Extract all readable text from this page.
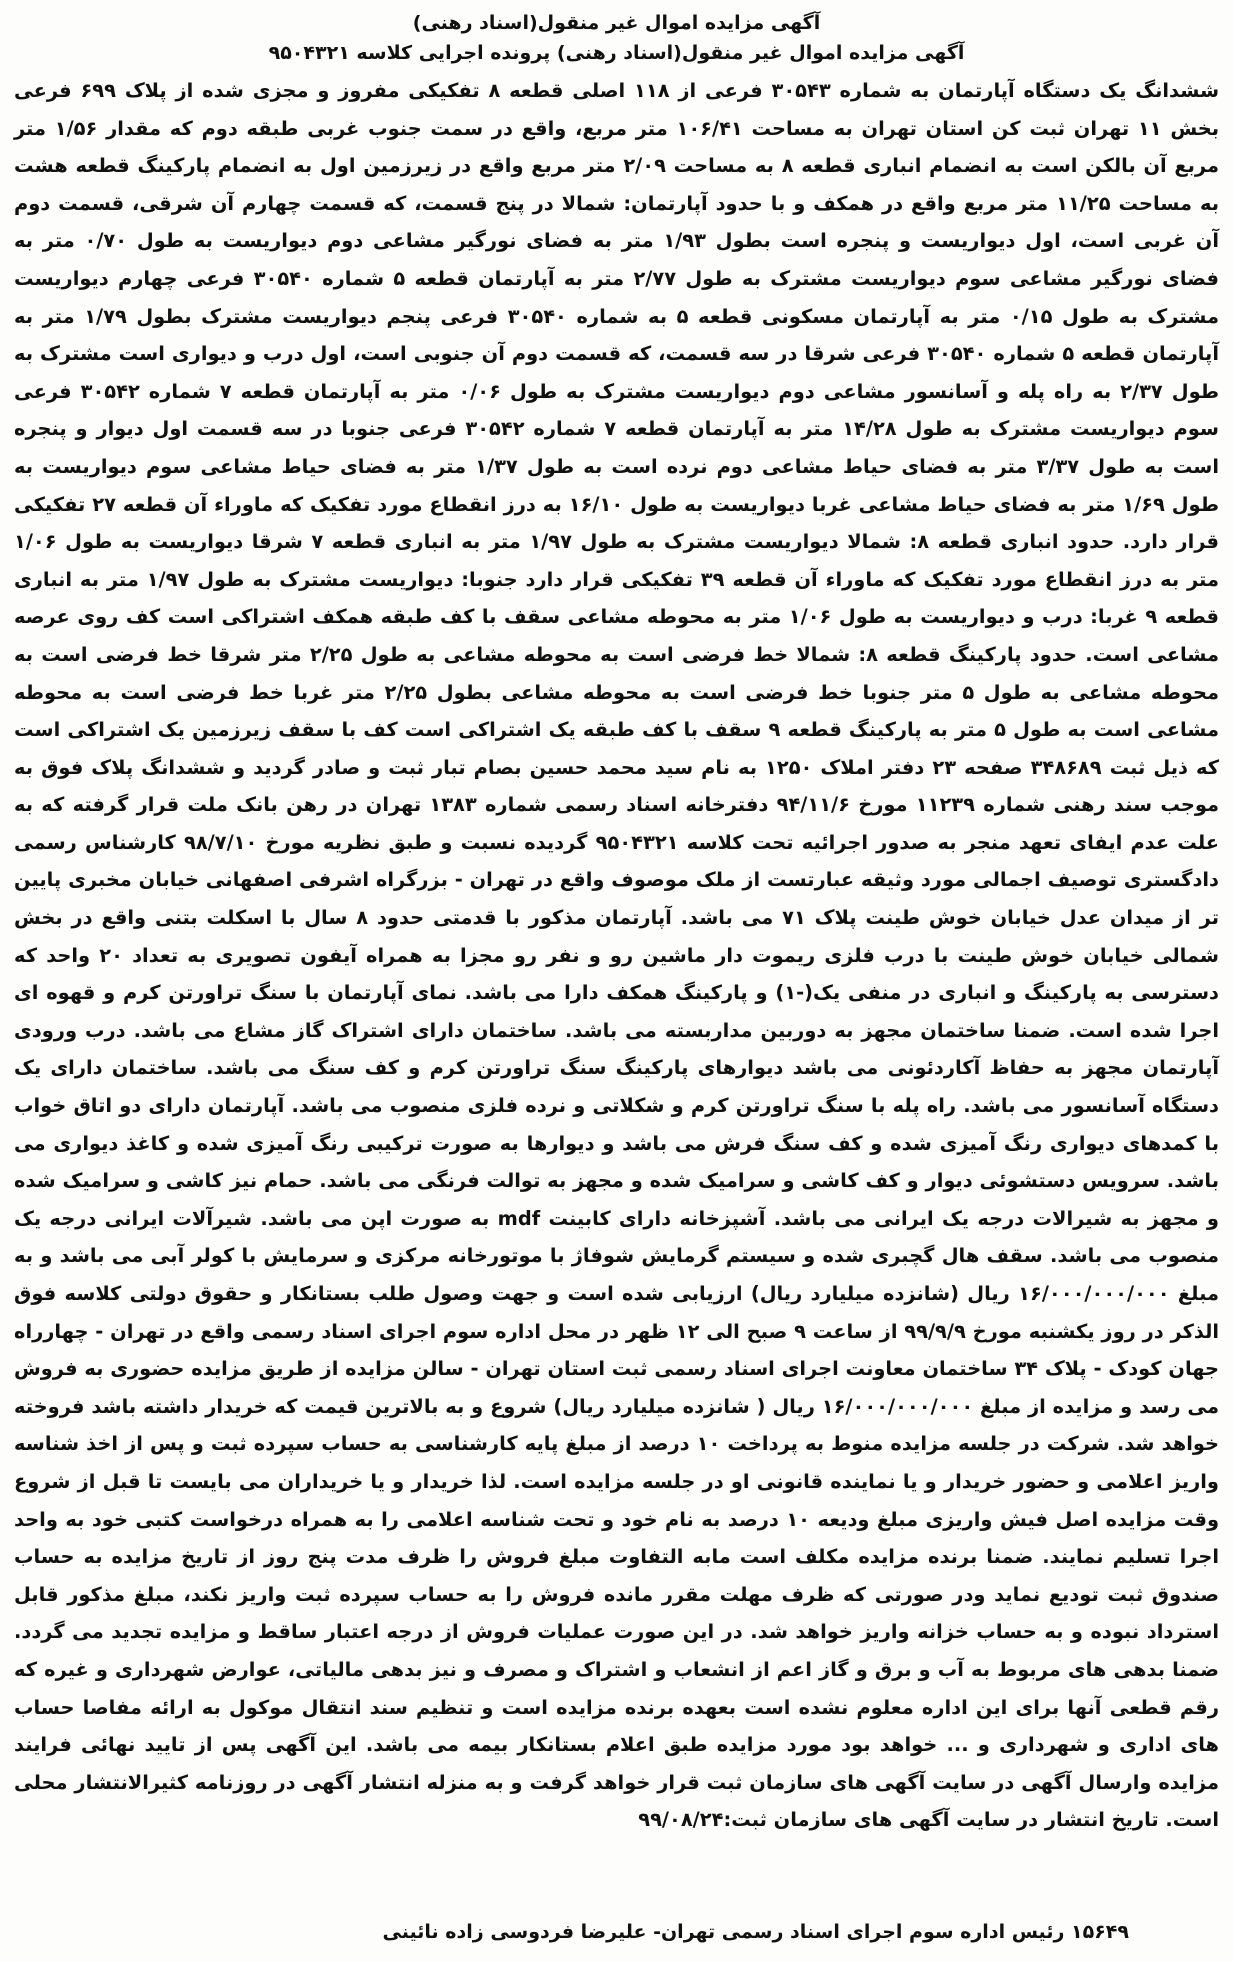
آگهی مزایده اموال غیر منقول(اسناد رهنی)
آگهی مزایده اموال غیر منقول(اسناد رهنی) پرونده اجرایی کلاسه ۹۵۰۴۳۲۱

ششدانگ یک دستگاه آپارتمان به شماره ۳۰۵۴۳ فرعی از ۱۱۸ اصلی قطعه ۸ تفکیکی مفروز و مجزی شده از پلاک ۶۹۹ فرعی بخش ۱۱ تهران ثبت کن استان تهران به مساحت ۱۰۶/۴۱ متر مربع، واقع در سمت جنوب غربی طبقه دوم که مقدار ۱/۵۶ متر مربع آن بالکن است به انضمام انباری قطعه ۸ به مساحت ۲/۰۹ متر مربع واقع در زیرزمین اول به انضمام پارکینگ قطعه هشت به مساحت ۱۱/۲۵ متر مربع واقع در همکف و با حدود آپارتمان: شمالا در پنج قسمت، که قسمت چهارم آن شرقی، قسمت دوم آن غربی است، اول دیواریست و پنجره است بطول ۱/۹۳ متر به فضای نورگیر مشاعی دوم دیواریست به طول ۰/۷۰ متر به فضای نورگیر مشاعی سوم دیواریست مشترک به طول ۲/۷۷ متر به آپارتمان قطعه ۵ شماره ۳۰۵۴۰ فرعی چهارم دیواریست مشترک به طول ۰/۱۵ متر به آپارتمان مسکونی قطعه ۵ به شماره ۳۰۵۴۰ فرعی پنجم دیواریست مشترک بطول ۱/۷۹ متر به آپارتمان قطعه ۵ شماره ۳۰۵۴۰ فرعی شرقا در سه قسمت، که قسمت دوم آن جنوبی است، اول درب و دیواری است مشترک به طول ۲/۳۷ به راه پله و آسانسور مشاعی دوم دیواریست مشترک به طول ۰/۰۶ متر به آپارتمان قطعه ۷ شماره ۳۰۵۴۲ فرعی سوم دیواریست مشترک به طول ۱۴/۲۸ متر به آپارتمان قطعه ۷ شماره ۳۰۵۴۲ فرعی جنوبا در سه قسمت اول دیوار و پنجره است به طول ۳/۳۷ متر به فضای حیاط مشاعی دوم نرده است به طول ۱/۳۷ متر به فضای حیاط مشاعی سوم دیواریست به طول ۱/۶۹ متر به فضای حیاط مشاعی غربا دیواریست به طول ۱۶/۱۰ به درز انقطاع مورد تفکیک که ماوراء آن قطعه ۲۷ تفکیکی قرار دارد. حدود انباری قطعه ۸: شمالا دیواریست مشترک به طول ۱/۹۷ متر به انباری قطعه ۷ شرقا دیواریست به طول ۱/۰۶ متر به درز انقطاع مورد تفکیک که ماوراء آن قطعه ۳۹ تفکیکی قرار دارد جنوبا: دیواریست مشترک به طول ۱/۹۷ متر به انباری قطعه ۹ غربا: درب و دیواریست به طول ۱/۰۶ متر به محوطه مشاعی سقف با کف طبقه همکف اشتراکی است کف روی عرصه مشاعی است. حدود پارکینگ قطعه ۸: شمالا خط فرضی است به محوطه مشاعی به طول ۲/۲۵ متر شرقا خط فرضی است به محوطه مشاعی به طول ۵ متر جنوبا خط فرضی است به محوطه مشاعی بطول ۲/۲۵ متر غربا خط فرضی است به محوطه مشاعی است به طول ۵ متر به پارکینگ قطعه ۹ سقف با کف طبقه یک اشتراکی است کف با سقف زیرزمین یک اشتراکی است که ذیل ثبت ۳۴۸۶۸۹ صفحه ۲۳ دفتر املاک ۱۲۵۰ به نام سید محمد حسین بصام تبار ثبت و صادر گردید و ششدانگ پلاک فوق به موجب سند رهنی شماره ۱۱۲۳۹ مورخ ۹۴/۱۱/۶ دفترخانه اسناد رسمی شماره ۱۳۸۳ تهران در رهن بانک ملت قرار گرفته که به علت عدم ایفای تعهد منجر به صدور اجرائیه تحت کلاسه ۹۵۰۴۳۲۱ گردیده نسبت و طبق نظریه مورخ ۹۸/۷/۱۰ کارشناس رسمی دادگستری توصیف اجمالی مورد وثیقه عبارتست از ملک موصوف واقع در تهران - بزرگراه اشرفی اصفهانی خیابان مخبری پایین تر از میدان عدل خیابان خوش طینت پلاک ۷۱ می باشد. آپارتمان مذکور با قدمتی حدود ۸ سال با اسکلت بتنی واقع در بخش شمالی خیابان خوش طینت با درب فلزی ریموت دار ماشین رو و نفر رو مجزا به همراه آیفون تصویری به تعداد ۲۰ واحد که دسترسی به پارکینگ و انباری در منفی یک(-۱) و پارکینگ همکف دارا می باشد. نمای آپارتمان با سنگ تراورتن کرم و قهوه ای اجرا شده است. ضمنا ساختمان مجهز به دوربین مداربسته می باشد. ساختمان دارای اشتراک گاز مشاع می باشد. درب ورودی آپارتمان مجهز به حفاظ آکاردئونی می باشد دیوارهای پارکینگ سنگ تراورتن کرم و کف سنگ می باشد. ساختمان دارای یک دستگاه آسانسور می باشد. راه پله با سنگ تراورتن کرم و شکلاتی و نرده فلزی منصوب می باشد. آپارتمان دارای دو اتاق خواب با کمدهای دیواری رنگ آمیزی شده و کف سنگ فرش می باشد و دیوارها به صورت ترکیبی رنگ آمیزی شده و کاغذ دیواری می باشد. سرویس دستشوئی دیوار و کف کاشی و سرامیک شده و مجهز به توالت فرنگی می باشد. حمام نیز کاشی و سرامیک شده و مجهز به شیرالات درجه یک ایرانی می باشد. آشپزخانه دارای کابینت mdf به صورت اپن می باشد. شیرآلات ایرانی درجه یک منصوب می باشد. سقف هال گچبری شده و سیستم گرمایش شوفاژ با موتورخانه مرکزی و سرمایش با کولر آبی می باشد و به مبلغ ۱۶/۰۰۰/۰۰۰/۰۰۰ ریال (شانزده میلیارد ریال) ارزیابی شده است و جهت وصول طلب بستانکار و حقوق دولتی کلاسه فوق الذکر در روز یکشنبه مورخ ۹۹/۹/۹ از ساعت ۹ صبح الی ۱۲ ظهر در محل اداره سوم اجرای اسناد رسمی واقع در تهران - چهارراه جهان کودک - پلاک ۳۴ ساختمان معاونت اجرای اسناد رسمی ثبت استان تهران - سالن مزایده از طریق مزایده حضوری به فروش می رسد و مزایده از مبلغ ۱۶/۰۰۰/۰۰۰/۰۰۰ ریال ( شانزده میلیارد ریال) شروع و به بالاترین قیمت که خریدار داشته باشد فروخته خواهد شد. شرکت در جلسه مزایده منوط به پرداخت ۱۰ درصد از مبلغ پایه کارشناسی به حساب سپرده ثبت و پس از اخذ شناسه واریز اعلامی و حضور خریدار و یا نماینده قانونی او در جلسه مزایده است. لذا خریدار و یا خریداران می بایست تا قبل از شروع وقت مزایده اصل فیش واریزی مبلغ ودیعه ۱۰ درصد به نام خود و تحت شناسه اعلامی را به همراه درخواست کتبی خود به واحد اجرا تسلیم نمایند. ضمنا برنده مزایده مکلف است مابه التفاوت مبلغ فروش را ظرف مدت پنج روز از تاریخ مزایده به حساب صندوق ثبت تودیع نماید ودر صورتی که ظرف مهلت مقرر مانده فروش را به حساب سپرده ثبت واریز نکند، مبلغ مذکور قابل استرداد نبوده و به حساب خزانه واریز خواهد شد. در این صورت عملیات فروش از درجه اعتبار ساقط و مزایده تجدید می گردد. ضمنا بدهی های مربوط به آب و برق و گاز اعم از انشعاب و اشتراک و مصرف و نیز بدهی مالیاتی، عوارض شهرداری و غیره که رقم قطعی آنها برای این اداره معلوم نشده است بعهده برنده مزایده است و تنظیم سند انتقال موکول به ارائه مفاصا حساب های اداری و شهرداری و ... خواهد بود مورد مزایده طبق اعلام بستانکار بیمه می باشد. این آگهی پس از تایید نهائی فرایند مزایده وارسال آگهی در سایت آگهی های سازمان ثبت قرار خواهد گرفت و به منزله انتشار آگهی در روزنامه کثیرالانتشار محلی است. تاریخ انتشار در سایت آگهی های سازمان ثبت:۹۹/۰۸/۲۴

۱۵۶۴۹ رئیس اداره سوم اجرای اسناد رسمی تهران- علیرضا فردوسی زاده نائینی
